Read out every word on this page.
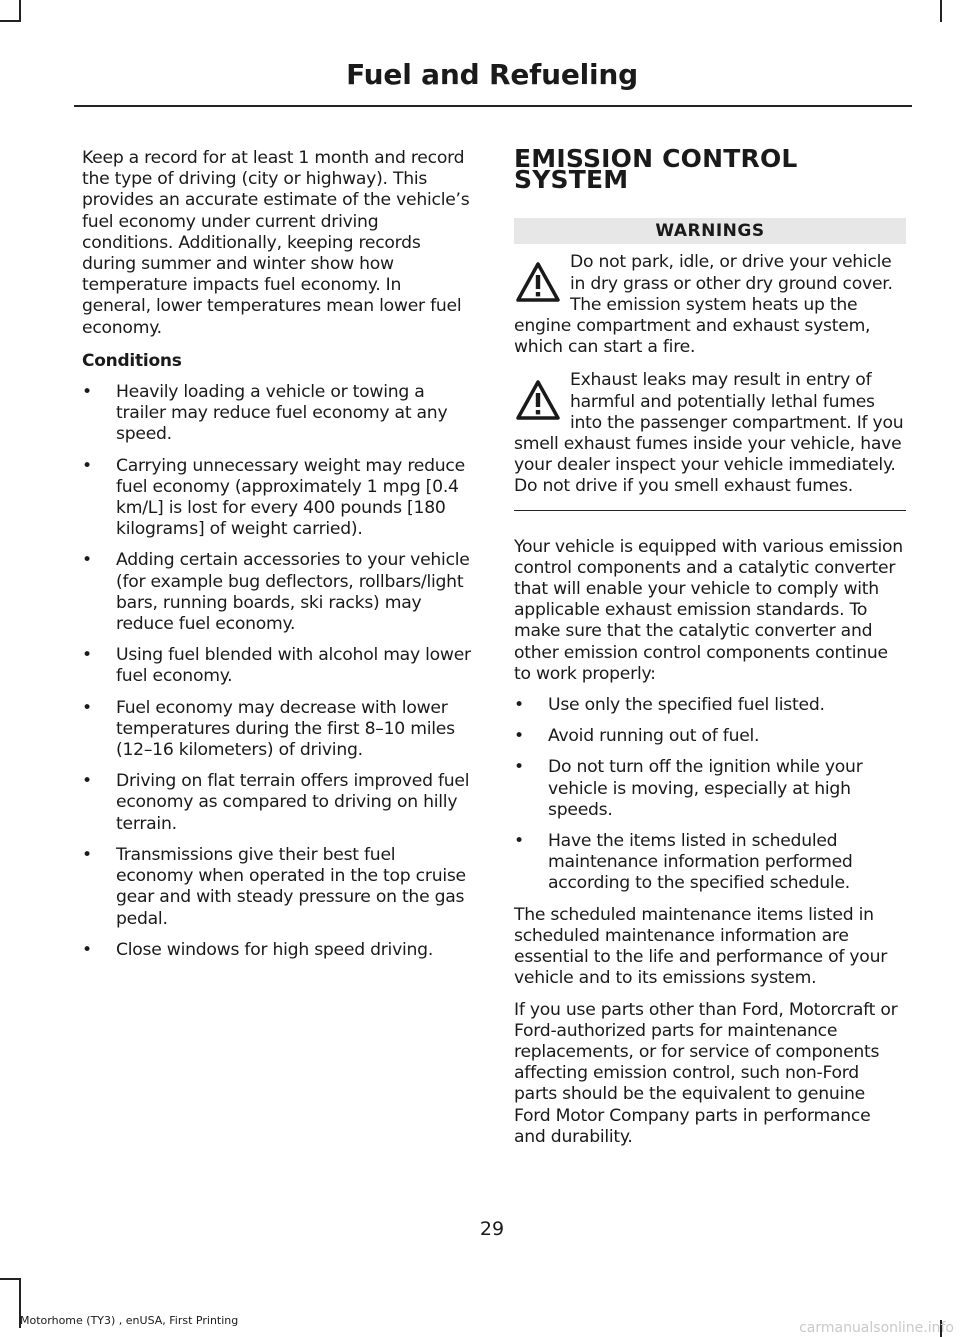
Fuel and Refueling

Keep a record for at least 1 month and record the type of driving (city or highway). This provides an accurate estimate of the vehicle’s fuel economy under current driving conditions. Additionally, keeping records during summer and winter show how temperature impacts fuel economy. In general, lower temperatures mean lower fuel economy.

Conditions
• Heavily loading a vehicle or towing a trailer may reduce fuel economy at any speed.
• Carrying unnecessary weight may reduce fuel economy (approximately 1 mpg [0.4 km/L] is lost for every 400 pounds [180 kilograms] of weight carried).
• Adding certain accessories to your vehicle (for example bug deflectors, rollbars/light bars, running boards, ski racks) may reduce fuel economy.
• Using fuel blended with alcohol may lower fuel economy.
• Fuel economy may decrease with lower temperatures during the first 8–10 miles (12–16 kilometers) of driving.
• Driving on flat terrain offers improved fuel economy as compared to driving on hilly terrain.
• Transmissions give their best fuel economy when operated in the top cruise gear and with steady pressure on the gas pedal.
• Close windows for high speed driving.
EMISSION CONTROL SYSTEM
WARNINGS
Do not park, idle, or drive your vehicle in dry grass or other dry ground cover. The emission system heats up the engine compartment and exhaust system, which can start a fire.
Exhaust leaks may result in entry of harmful and potentially lethal fumes into the passenger compartment. If you smell exhaust fumes inside your vehicle, have your dealer inspect your vehicle immediately. Do not drive if you smell exhaust fumes.

Your vehicle is equipped with various emission control components and a catalytic converter that will enable your vehicle to comply with applicable exhaust emission standards. To make sure that the catalytic converter and other emission control components continue to work properly:

• Use only the specified fuel listed.
• Avoid running out of fuel.
• Do not turn off the ignition while your vehicle is moving, especially at high speeds.
• Have the items listed in scheduled maintenance information performed according to the specified schedule.

The scheduled maintenance items listed in scheduled maintenance information are essential to the life and performance of your vehicle and to its emissions system.

If you use parts other than Ford, Motorcraft or Ford-authorized parts for maintenance replacements, or for service of components affecting emission control, such non-Ford parts should be the equivalent to genuine Ford Motor Company parts in performance and durability.

29
Motorhome (TY3) , enUSA, First Printing	carmanualsonline.info
